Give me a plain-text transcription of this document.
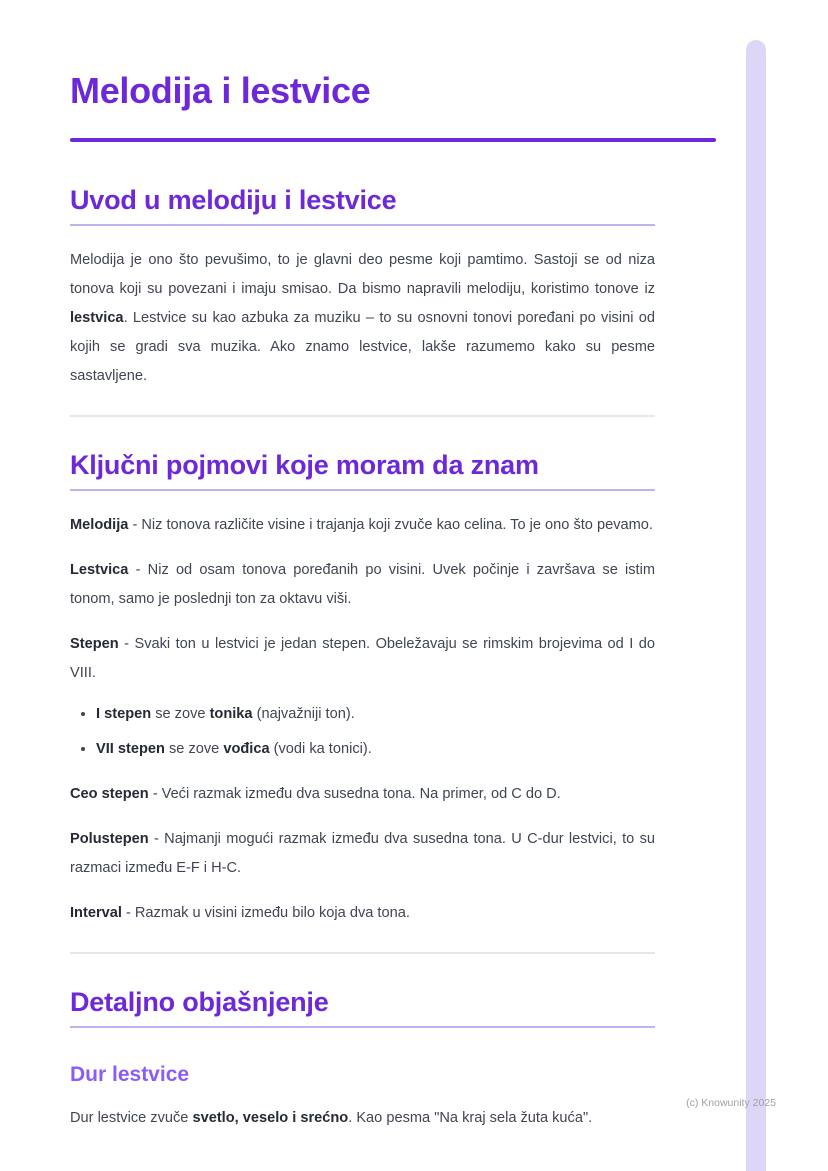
Melodija i lestvice
Uvod u melodiju i lestvice

Melodija je ono što pevušimo, to je glavni deo pesme koji pamtimo. Sastoji se od niza tonova koji su povezani i imaju smisao. Da bismo napravili melodiju, koristimo tonove iz lestvica. Lestvice su kao azbuka za muziku – to su osnovni tonovi poređani po visini od kojih se gradi sva muzika. Ako znamo lestvice, lakše razumemo kako su pesme sastavljene.

Ključni pojmovi koje moram da znam

Melodija - Niz tonova različite visine i trajanja koji zvuče kao celina. To je ono što pevamo.

Lestvica - Niz od osam tonova poređanih po visini. Uvek počinje i završava se istim tonom, samo je poslednji ton za oktavu viši.

Stepen - Svaki ton u lestvici je jedan stepen. Obeležavaju se rimskim brojevima od I do VIII.

• I stepen se zove tonika (najvažniji ton).
• VII stepen se zove vođica (vodi ka tonici).

Ceo stepen - Veći razmak između dva susedna tona. Na primer, od C do D.

Polustepen - Najmanji mogući razmak između dva susedna tona. U C-dur lestvici, to su razmaci između E-F i H-C.

Interval - Razmak u visini između bilo koja dva tona.

Detaljno objašnjenje
Dur lestvice

Dur lestvice zvuče svetlo, veselo i srećno. Kao pesma "Na kraj sela žuta kuća".

(c) Knowunity 2025
